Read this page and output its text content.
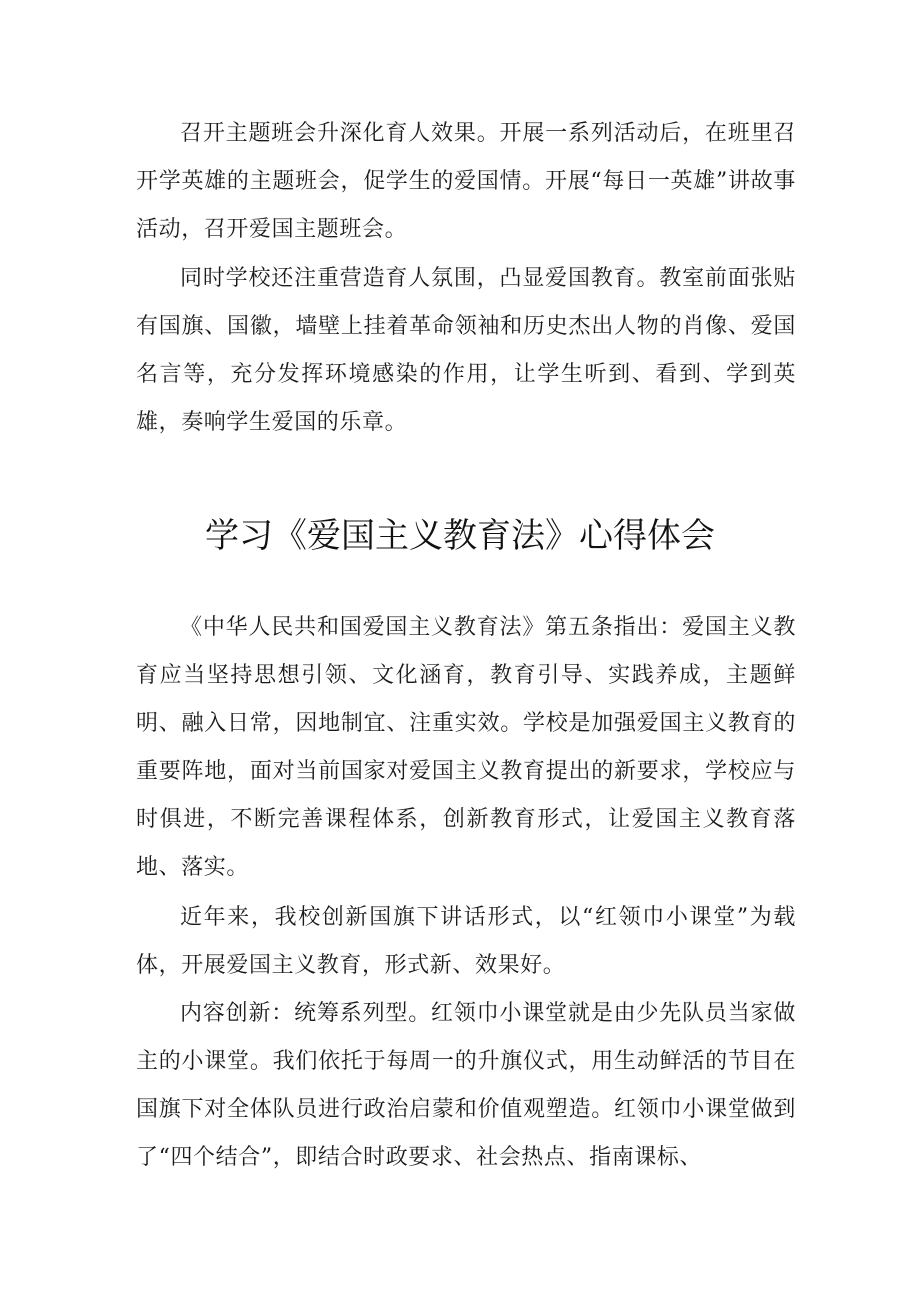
召开主题班会升深化育人效果。开展一系列活动后，在班里召开学英雄的主题班会，促学生的爱国情。开展“每日一英雄”讲故事活动，召开爱国主题班会。

同时学校还注重营造育人氛围，凸显爱国教育。教室前面张贴有国旗、国徽，墙壁上挂着革命领袖和历史杰出人物的肖像、爱国名言等，充分发挥环境感染的作用，让学生听到、看到、学到英雄，奏响学生爱国的乐章。

学习《爱国主义教育法》心得体会

《中华人民共和国爱国主义教育法》第五条指出：爱国主义教育应当坚持思想引领、文化涵育，教育引导、实践养成，主题鲜明、融入日常，因地制宜、注重实效。学校是加强爱国主义教育的重要阵地，面对当前国家对爱国主义教育提出的新要求，学校应与时俱进，不断完善课程体系，创新教育形式，让爱国主义教育落地、落实。

近年来，我校创新国旗下讲话形式，以“红领巾小课堂”为载体，开展爱国主义教育，形式新、效果好。

内容创新：统筹系列型。红领巾小课堂就是由少先队员当家做主的小课堂。我们依托于每周一的升旗仪式，用生动鲜活的节目在国旗下对全体队员进行政治启蒙和价值观塑造。红领巾小课堂做到了“四个结合”，即结合时政要求、社会热点、指南课标、
